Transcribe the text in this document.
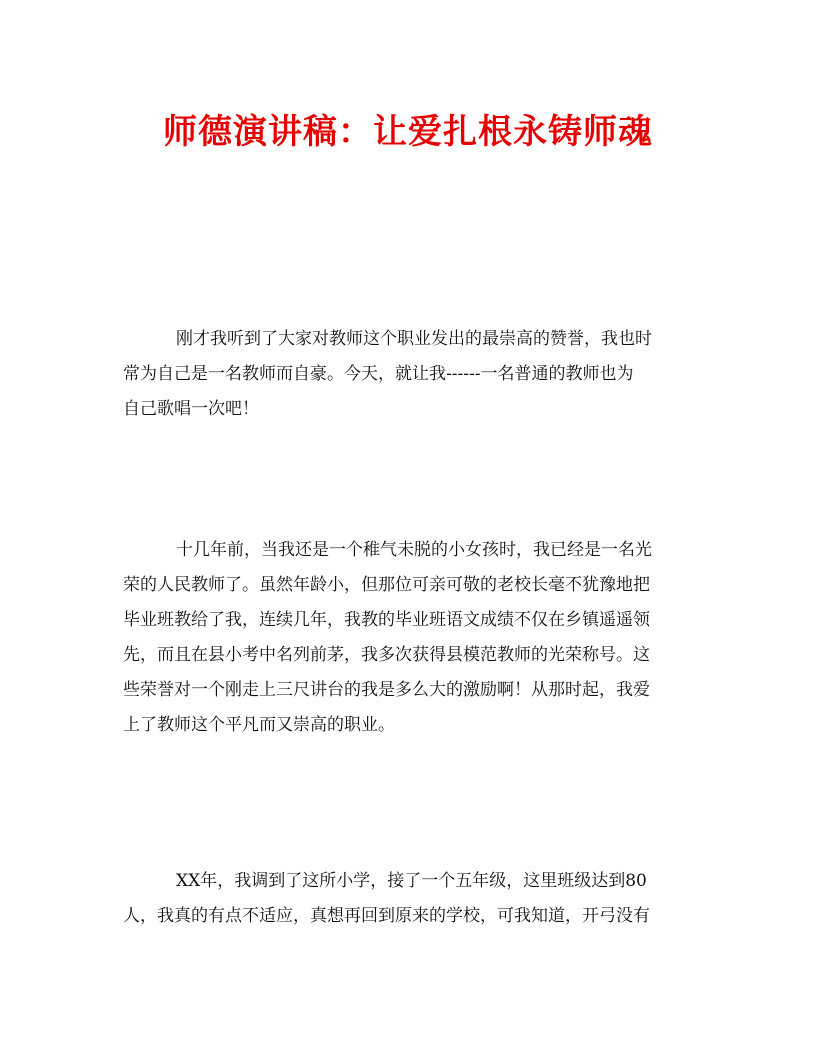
师德演讲稿：让爱扎根永铸师魂
刚才我听到了大家对教师这个职业发出的最崇高的赞誉，我也时
常为自己是一名教师而自豪。今天，就让我------一名普通的教师也为
自己歌唱一次吧！
十几年前，当我还是一个稚气未脱的小女孩时，我已经是一名光
荣的人民教师了。虽然年龄小，但那位可亲可敬的老校长毫不犹豫地把
毕业班教给了我，连续几年，我教的毕业班语文成绩不仅在乡镇遥遥领
先，而且在县小考中名列前茅，我多次获得县模范教师的光荣称号。这
些荣誉对一个刚走上三尺讲台的我是多么大的激励啊！从那时起，我爱
上了教师这个平凡而又崇高的职业。
XX年，我调到了这所小学，接了一个五年级，这里班级达到80
人，我真的有点不适应，真想再回到原来的学校，可我知道，开弓没有
